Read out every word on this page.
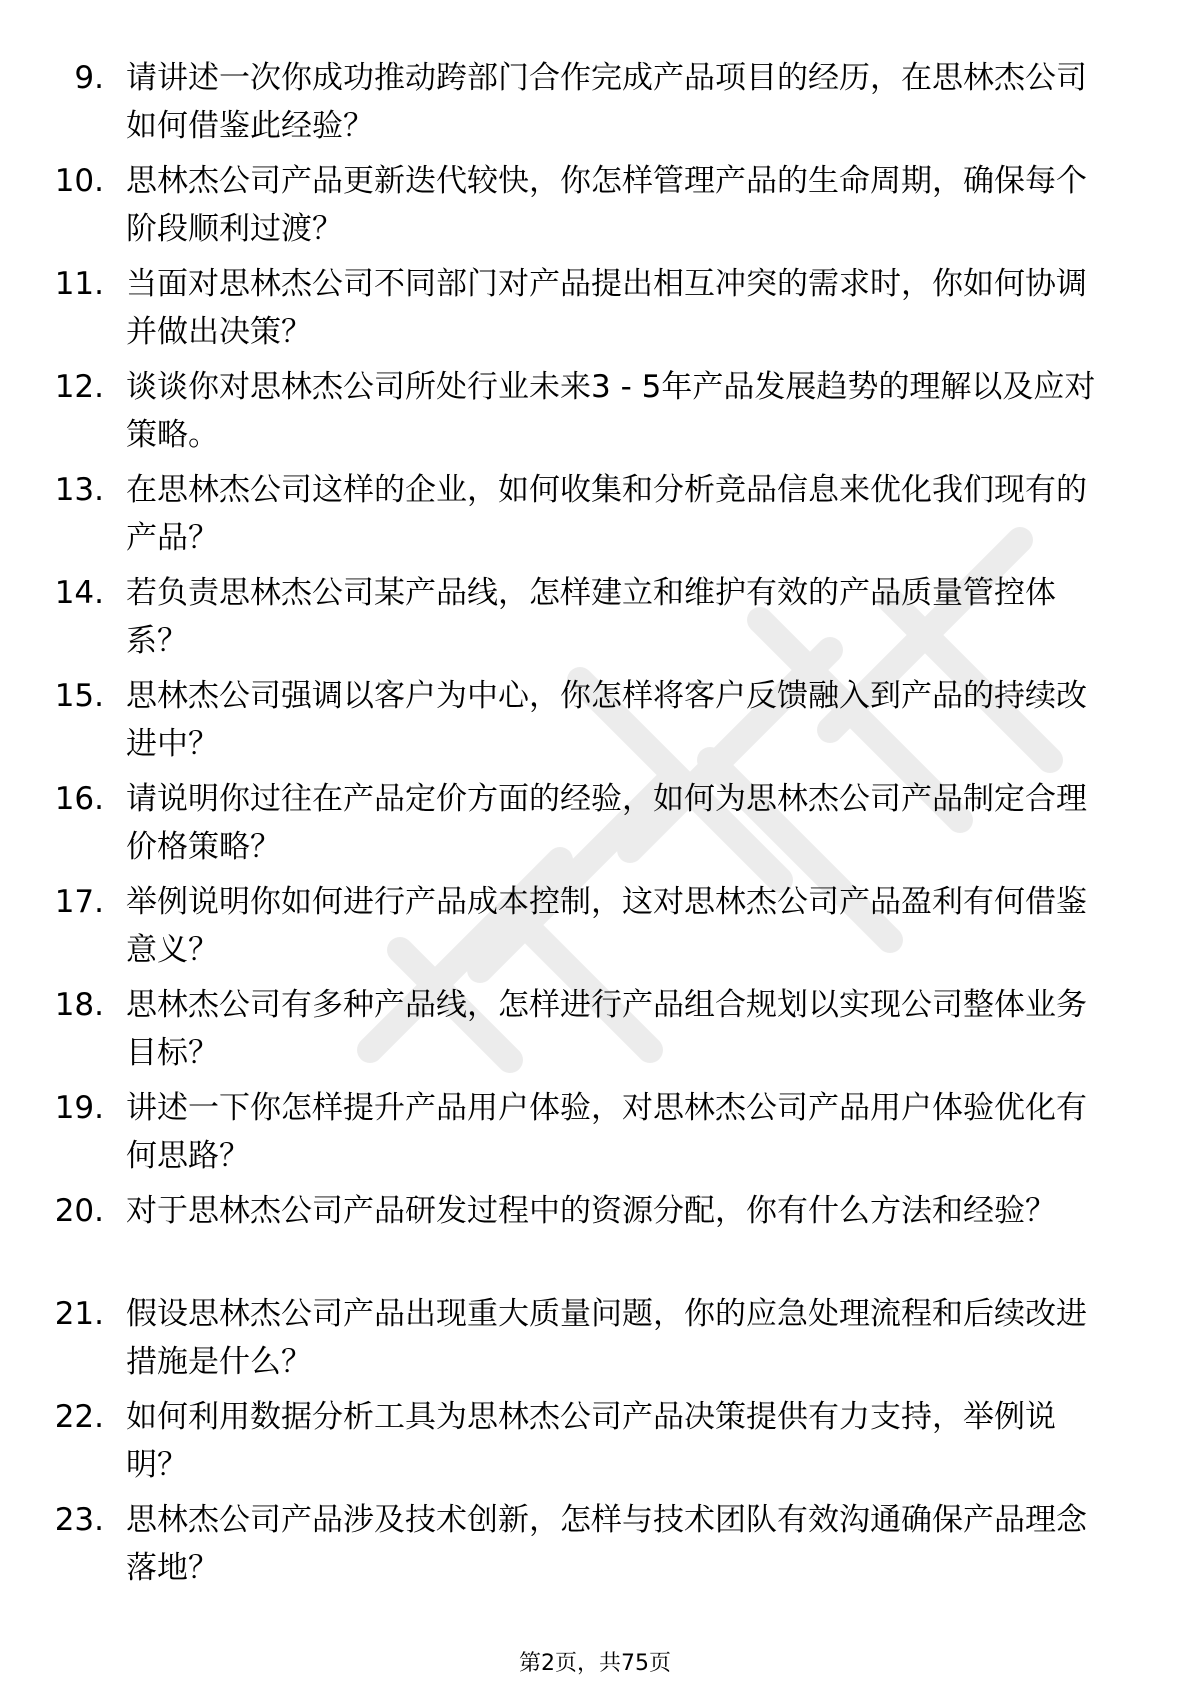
9. 请讲述一次你成功推动跨部门合作完成产品项目的经历，在思林杰公司如何借鉴此经验？
10. 思林杰公司产品更新迭代较快，你怎样管理产品的生命周期，确保每个阶段顺利过渡？
11. 当面对思林杰公司不同部门对产品提出相互冲突的需求时，你如何协调并做出决策？
12. 谈谈你对思林杰公司所处行业未来3 - 5年产品发展趋势的理解以及应对策略。
13. 在思林杰公司这样的企业，如何收集和分析竞品信息来优化我们现有的产品？
14. 若负责思林杰公司某产品线，怎样建立和维护有效的产品质量管控体系？
15. 思林杰公司强调以客户为中心，你怎样将客户反馈融入到产品的持续改进中？
16. 请说明你过往在产品定价方面的经验，如何为思林杰公司产品制定合理价格策略？
17. 举例说明你如何进行产品成本控制，这对思林杰公司产品盈利有何借鉴意义？
18. 思林杰公司有多种产品线，怎样进行产品组合规划以实现公司整体业务目标？
19. 讲述一下你怎样提升产品用户体验，对思林杰公司产品用户体验优化有何思路？
20. 对于思林杰公司产品研发过程中的资源分配，你有什么方法和经验？
21. 假设思林杰公司产品出现重大质量问题，你的应急处理流程和后续改进措施是什么？
22. 如何利用数据分析工具为思林杰公司产品决策提供有力支持，举例说明？
23. 思林杰公司产品涉及技术创新，怎样与技术团队有效沟通确保产品理念落地？
第2页，共75页
